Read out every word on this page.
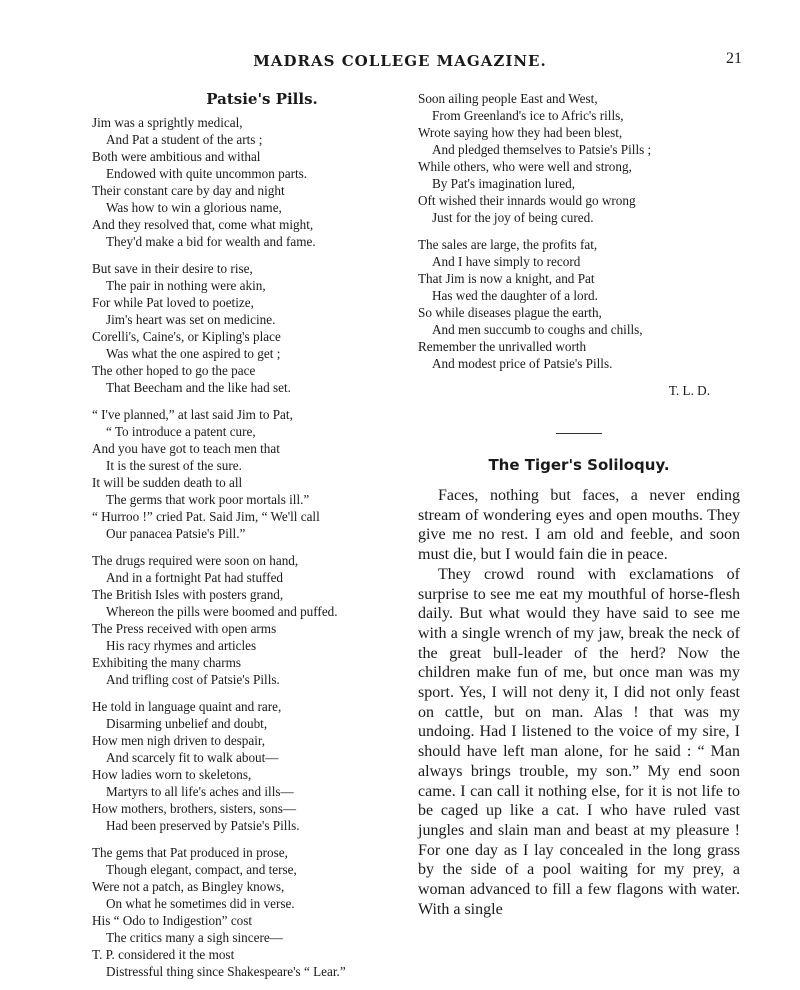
MADRAS COLLEGE MAGAZINE.	21
Patsie's Pills.
Jim was a sprightly medical,
And Pat a student of the arts ;
Both were ambitious and withal
Endowed with quite uncommon parts.
Their constant care by day and night
Was how to win a glorious name,
And they resolved that, come what might,
They'd make a bid for wealth and fame.
But save in their desire to rise,
The pair in nothing were akin,
For while Pat loved to poetize,
Jim's heart was set on medicine.
Corelli's, Caine's, or Kipling's place
Was what the one aspired to get ;
The other hoped to go the pace
That Beecham and the like had set.
“ I've planned,” at last said Jim to Pat,
“ To introduce a patent cure,
And you have got to teach men that
It is the surest of the sure.
It will be sudden death to all
The germs that work poor mortals ill.”
“ Hurroo !” cried Pat. Said Jim, “ We'll call
Our panacea Patsie's Pill.”
The drugs required were soon on hand,
And in a fortnight Pat had stuffed
The British Isles with posters grand,
Whereon the pills were boomed and puffed.
The Press received with open arms
His racy rhymes and articles
Exhibiting the many charms
And trifling cost of Patsie's Pills.
He told in language quaint and rare,
Disarming unbelief and doubt,
How men nigh driven to despair,
And scarcely fit to walk about—
How ladies worn to skeletons,
Martyrs to all life's aches and ills—
How mothers, brothers, sisters, sons—
Had been preserved by Patsie's Pills.
The gems that Pat produced in prose,
Though elegant, compact, and terse,
Were not a patch, as Bingley knows,
On what he sometimes did in verse.
His “ Odo to Indigestion” cost
The critics many a sigh sincere—
T. P. considered it the most
Distressful thing since Shakespeare's “ Lear.”
Soon ailing people East and West,
From Greenland's ice to Afric's rills,
Wrote saying how they had been blest,
And pledged themselves to Patsie's Pills ;
While others, who were well and strong,
By Pat's imagination lured,
Oft wished their innards would go wrong
Just for the joy of being cured.
The sales are large, the profits fat,
And I have simply to record
That Jim is now a knight, and Pat
Has wed the daughter of a lord.
So while diseases plague the earth,
And men succumb to coughs and chills,
Remember the unrivalled worth
And modest price of Patsie's Pills.
T. L. D.
The Tiger's Soliloquy.

Faces, nothing but faces, a never ending stream of wondering eyes and open mouths. They give me no rest. I am old and feeble, and soon must die, but I would fain die in peace.

They crowd round with exclamations of surprise to see me eat my mouthful of horse-flesh daily. But what would they have said to see me with a single wrench of my jaw, break the neck of the great bull-leader of the herd? Now the children make fun of me, but once man was my sport. Yes, I will not deny it, I did not only feast on cattle, but on man. Alas ! that was my undoing. Had I listened to the voice of my sire, I should have left man alone, for he said : “ Man always brings trouble, my son.” My end soon came. I can call it nothing else, for it is not life to be caged up like a cat. I who have ruled vast jungles and slain man and beast at my pleasure ! For one day as I lay concealed in the long grass by the side of a pool waiting for my prey, a woman advanced to fill a few flagons with water. With a single
